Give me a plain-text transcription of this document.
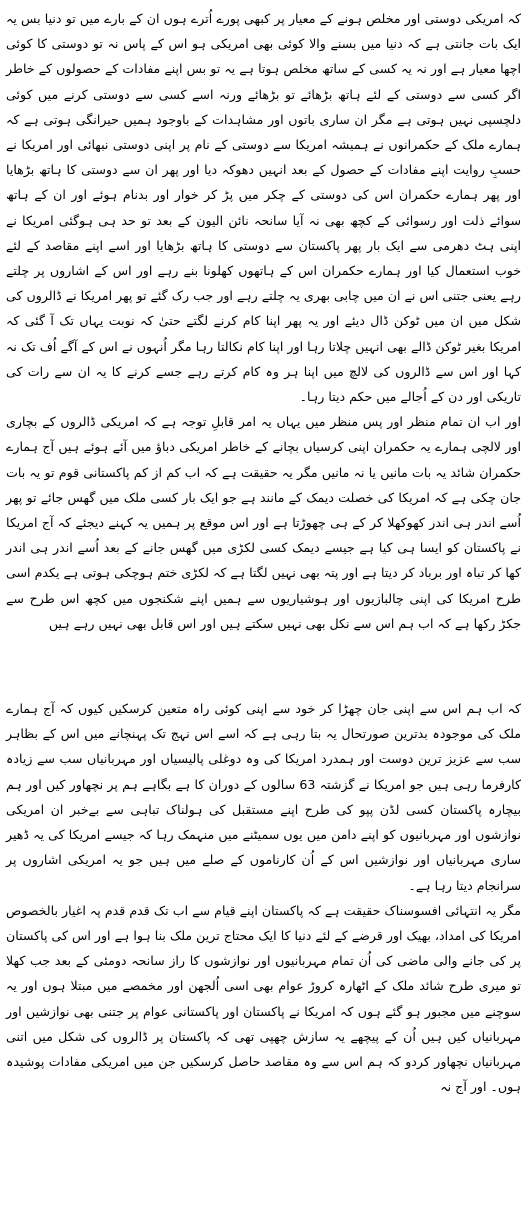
کہ امریکی دوستی اور مخلص ہونے کے معیار پر کبھی پورے اُترے ہوں ان کے بارے میں تو دنیا بس یہ ایک بات جانتی ہے کہ دنیا میں بسنے والا کوئی بھی امریکی ہو اس کے پاس نہ تو دوستی کا کوئی اچھا معیار ہے اور نہ یہ کسی کے ساتھ مخلص ہوتا ہے یہ تو بس اپنے مفادات کے حصولوں کے خاطر اگر کسی سے دوستی کے لئے ہاتھ بڑھائے تو بڑھائے ورنہ اسے کسی سے دوستی کرنے میں کوئی دلچسپی نہیں ہوتی ہے مگر ان ساری باتوں اور مشاہدات کے باوجود ہمیں حیرانگی ہوتی ہے کہ ہمارے ملک کے حکمرانوں نے ہمیشہ امریکا سے دوستی کے نام پر اپنی دوستی نبھائی اور امریکا نے حسبِ روایت اپنے مفادات کے حصول کے بعد انہیں دھوکہ دیا اور پھر ان سے دوستی کا ہاتھ بڑھایا اور پھر ہمارے حکمران اس کی دوستی کے چکر میں پڑ کر خوار اور بدنام ہوئے اور ان کے ہاتھ سوائے ذلت اور رسوائی کے کچھ بھی نہ آیا سانحہ نائن الیون کے بعد تو حد ہی ہوگئی امریکا نے اپنی ہٹ دھرمی سے ایک بار پھر پاکستان سے دوستی کا ہاتھ بڑھایا اور اسے اپنے مقاصد کے لئے خوب استعمال کیا اور ہمارے حکمران اس کے ہاتھوں کھلونا بنے رہے اور اس کے اشاروں پر چلتے رہے یعنی جتنی اس نے ان میں چابی بھری یہ چلتے رہے اور جب رک گئے تو پھر امریکا نے ڈالروں کی شکل میں ان میں ٹوکن ڈال دیئے اور یہ پھر اپنا کام کرنے لگتے حتیٰ کہ نوبت یہاں تک آ گئی کہ امریکا بغیر ٹوکن ڈالے بھی انہیں چلاتا رہا اور اپنا کام نکالتا رہا مگر اُنہوں نے اس کے آگے اُف تک نہ کہا اور اس سے ڈالروں کی لالچ میں اپنا ہر وہ کام کرتے رہے جسے کرنے کا یہ ان سے رات کی تاریکی اور دن کے اُجالے میں حکم دیتا رہا۔

اور اب ان تمام منظر اور پس منظر میں یہاں یہ امر قابلِ توجہ ہے کہ امریکی ڈالروں کے بچاری اور لالچی ہمارے یہ حکمران اپنی کرسیاں بچانے کے خاطر امریکی دباؤ میں آئے ہوئے ہیں آج ہمارے حکمران شائد یہ بات مانیں یا نہ مانیں مگر یہ حقیقت ہے کہ اب کم از کم پاکستانی قوم تو یہ بات جان چکی ہے کہ امریکا کی خصلت دیمک کے مانند ہے جو ایک بار کسی ملک میں گھس جائے تو پھر اُسے اندر ہی اندر کھوکھلا کر کے ہی چھوڑتا ہے اور اس موقع پر ہمیں یہ کہنے دیجئے کہ آج امریکا نے پاکستان کو ایسا ہی کیا ہے جیسے دیمک کسی لکڑی میں گھس جانے کے بعد اُسے اندر ہی اندر کھا کر تباہ اور برباد کر دیتا ہے اور پتہ بھی نہیں لگتا ہے کہ لکڑی ختم ہوچکی ہوتی ہے یکدم اسی طرح امریکا کی اپنی چالبازیوں اور ہوشیاریوں سے ہمیں اپنے شکنجوں میں کچھ اس طرح سے جکڑ رکھا ہے کہ اب ہم اس سے نکل بھی نہیں سکتے ہیں اور اس قابل بھی نہیں رہے ہیں

کہ اب ہم اس سے اپنی جان چھڑا کر خود سے اپنی کوئی راہ متعین کرسکیں کیوں کہ آج ہمارے ملک کی موجودہ بدترین صورتحال یہ بتا رہی ہے کہ اسے اس نہج تک پہنچانے میں اس کے بظاہر سب سے عزیز ترین دوست اور ہمدرد امریکا کی وہ دوغلی پالیسیاں اور مہربانیاں سب سے زیادہ کارفرما رہی ہیں جو امریکا نے گزشتہ 63 سالوں کے دوران کا ہے بگاہے ہم پر نچھاور کیں اور ہم بیچارہ پاکستان کسی لڈن پپو کی طرح اپنے مستقبل کی ہولناک تباہی سے بےخبر ان امریکی نوازشوں اور مہربانیوں کو اپنے دامن میں یوں سمیٹنے میں منہمک رہا کہ جیسے امریکا کی یہ ڈھیر ساری مہربانیاں اور نوازشیں اس کے اُن کارناموں کے صلے میں ہیں جو یہ امریکی اشاروں پر سرانجام دیتا رہا ہے۔

مگر یہ انتہائی افسوسناک حقیقت ہے کہ پاکستان اپنے قیام سے اب تک قدم قدم پہ اغیار بالخصوص امریکا کی امداد، بھیک اور قرضے کے لئے دنیا کا ایک محتاج ترین ملک بنا ہوا ہے اور اس کی پاکستان پر کی جانے والی ماضی کی اُن تمام مہربانیوں اور نوازشوں کا راز سانحہ دومئی کے بعد جب کھلا تو میری طرح شائد ملک کے اٹھارہ کروڑ عوام بھی اسی اُلجھن اور مخمصے میں مبتلا ہوں اور یہ سوچنے میں مجبور ہو گئے ہوں کہ امریکا نے پاکستان اور پاکستانی عوام پر جتنی بھی نوازشیں اور مہربانیاں کیں ہیں اُن کے پیچھے یہ سازش چھپی تھی کہ پاکستان پر ڈالروں کی شکل میں اتنی مہربانیاں نچھاور کردو کہ ہم اس سے وہ مقاصد حاصل کرسکیں جن میں امریکی مفادات پوشیدہ ہوں۔ اور آج نہ
